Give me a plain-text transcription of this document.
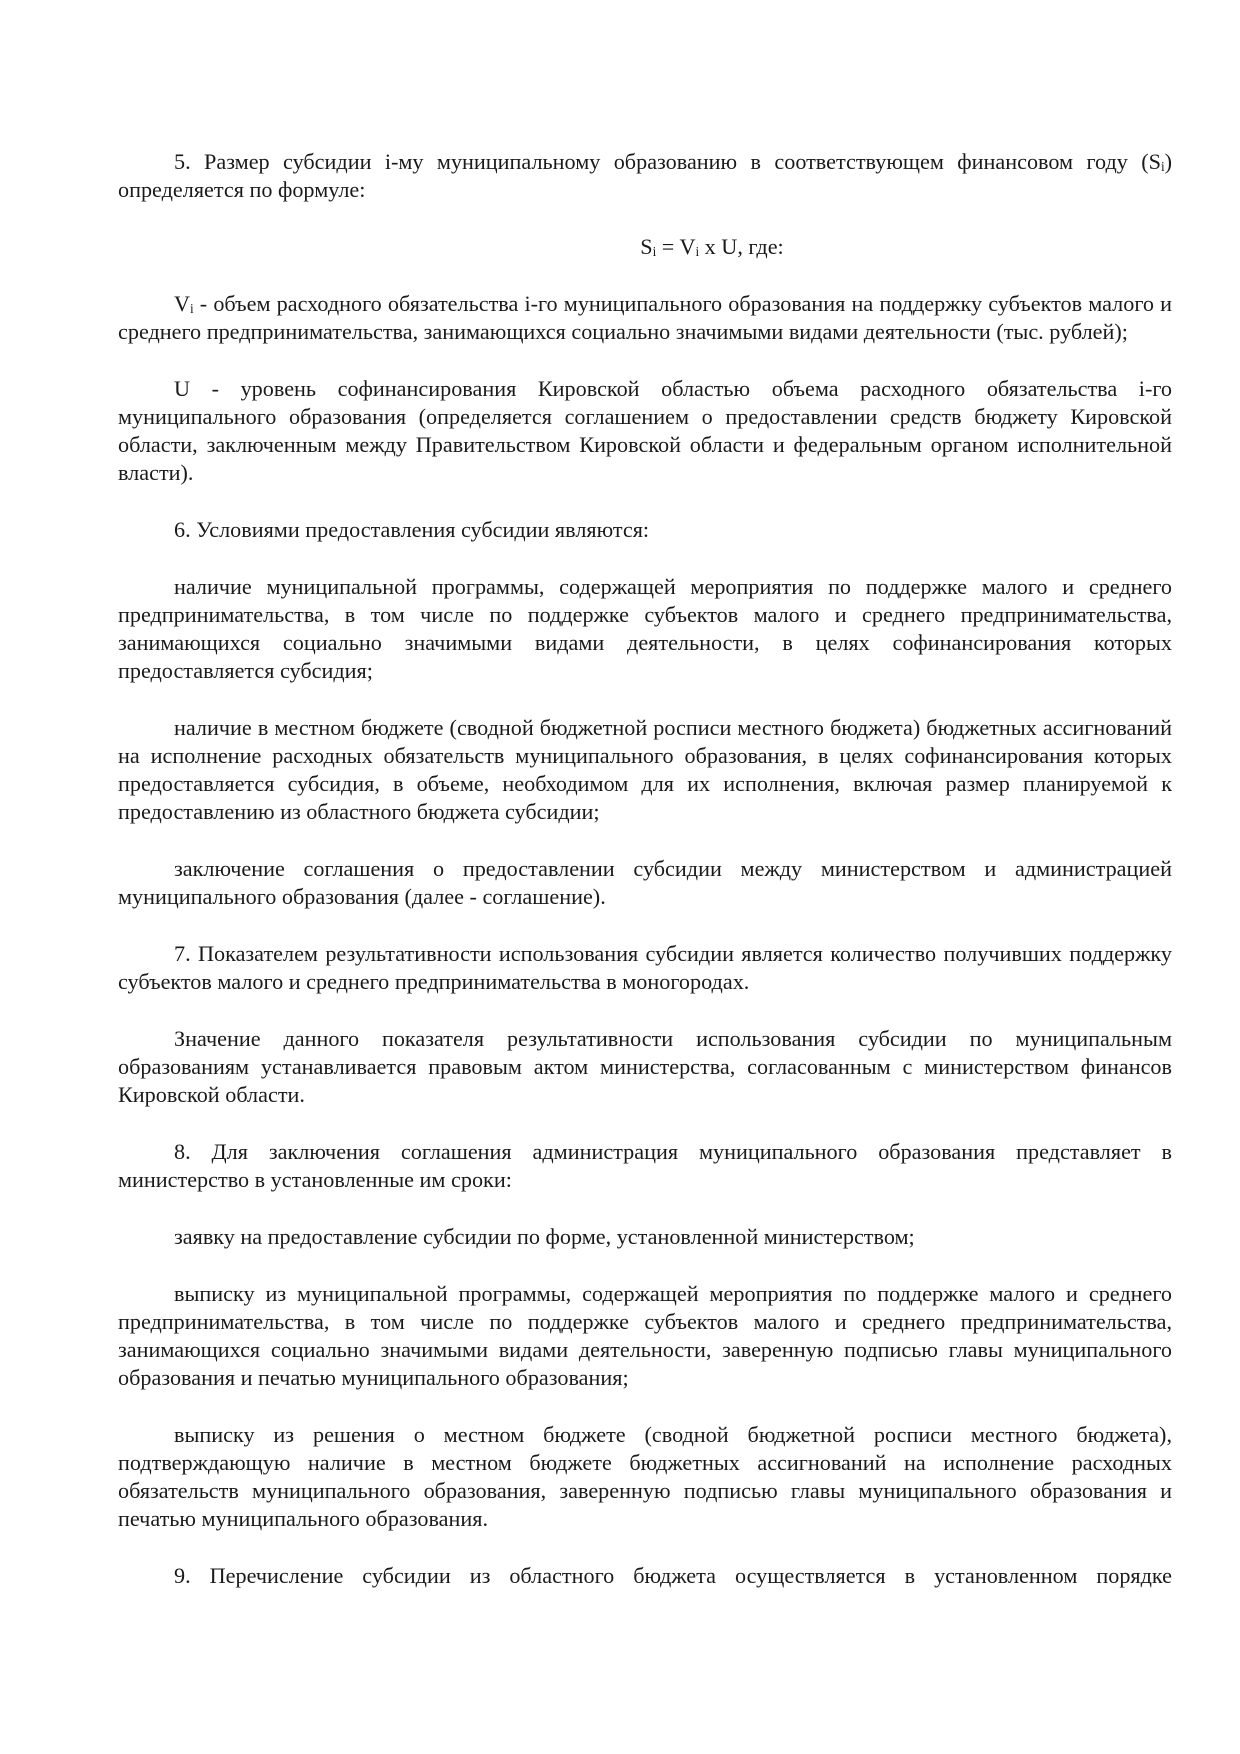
5. Размер субсидии i-му муниципальному образованию в соответствующем финансовом году (Sᵢ) определяется по формуле:

Sᵢ = Vᵢ x U, где:

Vᵢ - объем расходного обязательства i-го муниципального образования на поддержку субъектов малого и среднего предпринимательства, занимающихся социально значимыми видами деятельности (тыс. рублей);

U - уровень софинансирования Кировской областью объема расходного обязательства i-го муниципального образования (определяется соглашением о предоставлении средств бюджету Кировской области, заключенным между Правительством Кировской области и федеральным органом исполнительной власти).

6. Условиями предоставления субсидии являются:

наличие муниципальной программы, содержащей мероприятия по поддержке малого и среднего предпринимательства, в том числе по поддержке субъектов малого и среднего предпринимательства, занимающихся социально значимыми видами деятельности, в целях софинансирования которых предоставляется субсидия;

наличие в местном бюджете (сводной бюджетной росписи местного бюджета) бюджетных ассигнований на исполнение расходных обязательств муниципального образования, в целях софинансирования которых предоставляется субсидия, в объеме, необходимом для их исполнения, включая размер планируемой к предоставлению из областного бюджета субсидии;

заключение соглашения о предоставлении субсидии между министерством и администрацией муниципального образования (далее - соглашение).

7. Показателем результативности использования субсидии является количество получивших поддержку субъектов малого и среднего предпринимательства в моногородах.

Значение данного показателя результативности использования субсидии по муниципальным образованиям устанавливается правовым актом министерства, согласованным с министерством финансов Кировской области.

8. Для заключения соглашения администрация муниципального образования представляет в министерство в установленные им сроки:

заявку на предоставление субсидии по форме, установленной министерством;

выписку из муниципальной программы, содержащей мероприятия по поддержке малого и среднего предпринимательства, в том числе по поддержке субъектов малого и среднего предпринимательства, занимающихся социально значимыми видами деятельности, заверенную подписью главы муниципального образования и печатью муниципального образования;

выписку из решения о местном бюджете (сводной бюджетной росписи местного бюджета), подтверждающую наличие в местном бюджете бюджетных ассигнований на исполнение расходных обязательств муниципального образования, заверенную подписью главы муниципального образования и печатью муниципального образования.

9. Перечисление субсидии из областного бюджета осуществляется в установленном порядке
